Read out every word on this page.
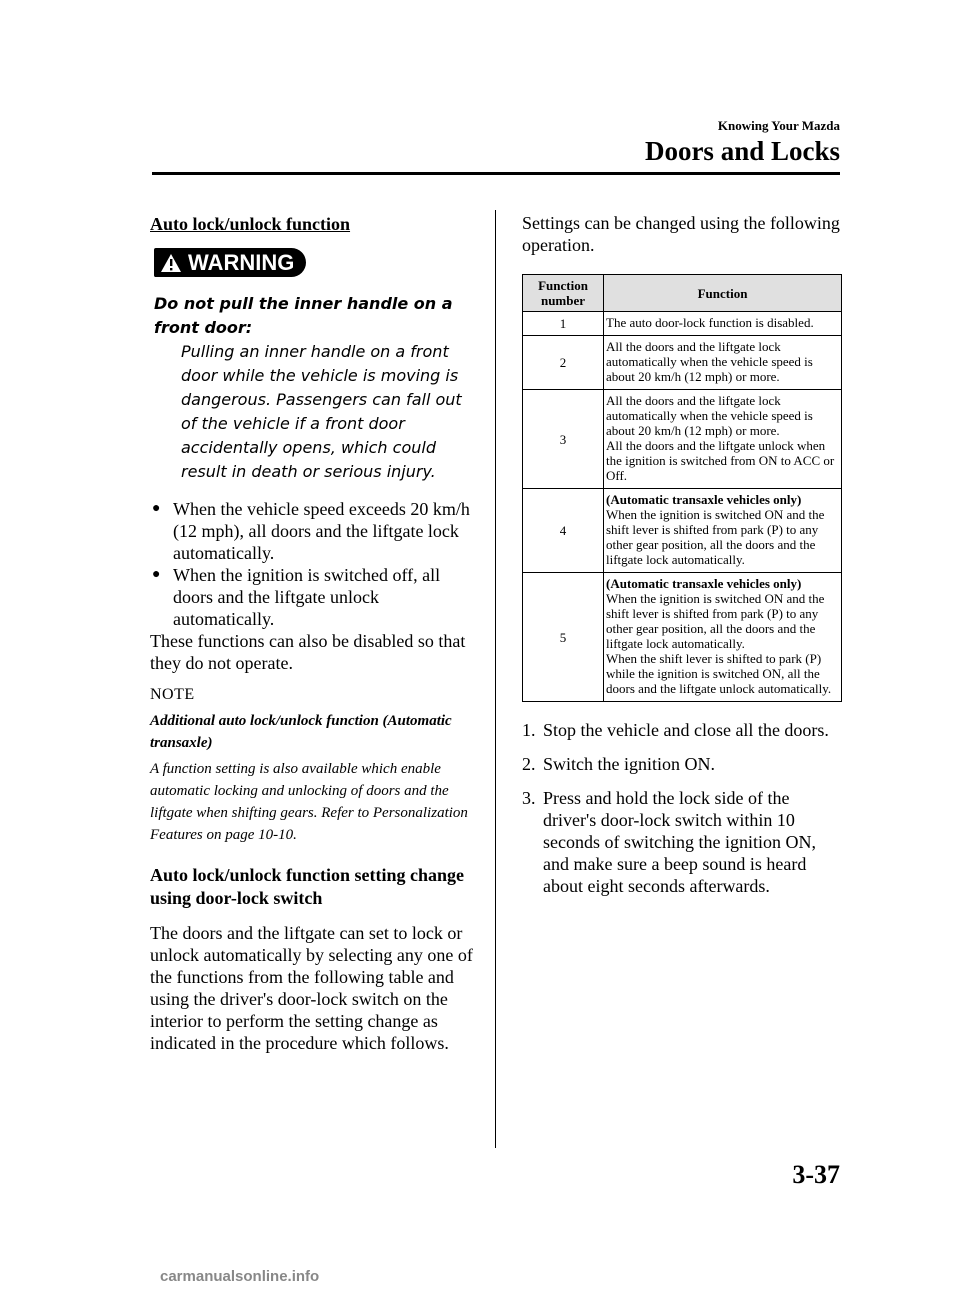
Knowing Your Mazda
Doors and Locks
Auto lock/unlock function
WARNING
Do not pull the inner handle on a front door:
Pulling an inner handle on a front door while the vehicle is moving is dangerous. Passengers can fall out of the vehicle if a front door accidentally opens, which could result in death or serious injury.
● When the vehicle speed exceeds 20 km/h (12 mph), all doors and the liftgate lock automatically.
● When the ignition is switched off, all doors and the liftgate unlock automatically.

These functions can also be disabled so that they do not operate.

NOTE
Additional auto lock/unlock function (Automatic transaxle)
A function setting is also available which enable automatic locking and unlocking of doors and the liftgate when shifting gears. Refer to Personalization Features on page 10-10.
Auto lock/unlock function setting change using door-lock switch
The doors and the liftgate can set to lock or unlock automatically by selecting any one of the functions from the following table and using the driver's door-lock switch on the interior to perform the setting change as indicated in the procedure which follows.

Settings can be changed using the following operation.

Function number	Function
1	The auto door-lock function is disabled.

2	All the doors and the liftgate lock automatically when the vehicle speed is about 20 km/h (12 mph) or more.

3	All the doors and the liftgate lock automatically when the vehicle speed is about 20 km/h (12 mph) or more.
All the doors and the liftgate unlock when the ignition is switched from ON to ACC or Off.

4	(Automatic transaxle vehicles only)
When the ignition is switched ON and the shift lever is shifted from park (P) to any other gear position, all the doors and the liftgate lock automatically.

5	(Automatic transaxle vehicles only)
When the ignition is switched ON and the shift lever is shifted from park (P) to any other gear position, all the doors and the liftgate lock automatically.
When the shift lever is shifted to park (P) while the ignition is switched ON, all the doors and the liftgate unlock automatically.
1. Stop the vehicle and close all the doors.
2. Switch the ignition ON.
3. Press and hold the lock side of the driver's door-lock switch within 10 seconds of switching the ignition ON, and make sure a beep sound is heard about eight seconds afterwards.
3-37
carmanualsonline.info
